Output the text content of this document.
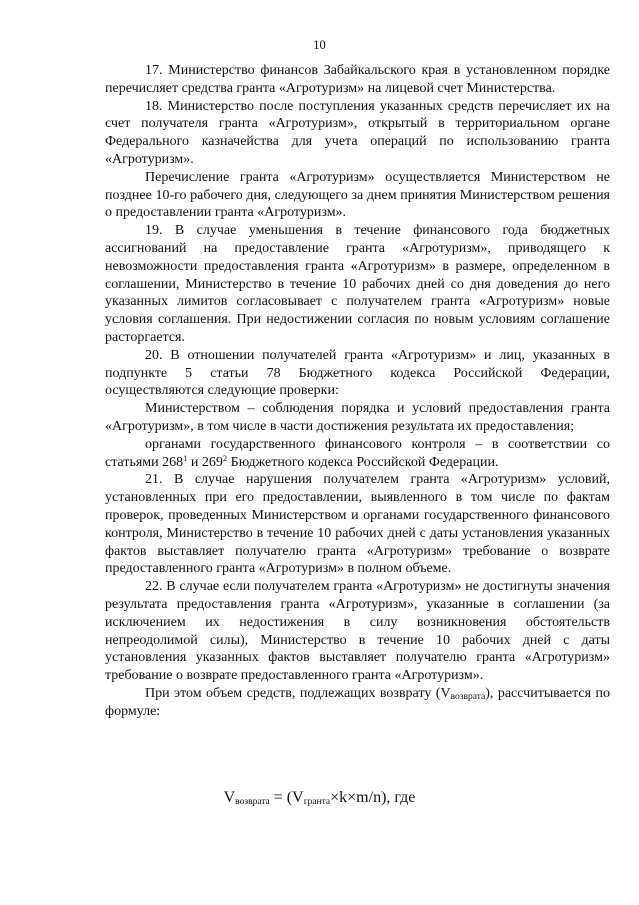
10

17. Министерство финансов Забайкальского края в установленном порядке перечисляет средства гранта «Агротуризм» на лицевой счет Министерства.

18. Министерство после поступления указанных средств перечисляет их на счет получателя гранта «Агротуризм», открытый в территориальном органе Федерального казначейства для учета операций по использованию гранта «Агротуризм».

Перечисление гранта «Агротуризм» осуществляется Министерством не позднее 10-го рабочего дня, следующего за днем принятия Министерством решения о предоставлении гранта «Агротуризм».

19. В случае уменьшения в течение финансового года бюджетных ассигнований на предоставление гранта «Агротуризм», приводящего к невозможности предоставления гранта «Агротуризм» в размере, определенном в соглашении, Министерство в течение 10 рабочих дней со дня доведения до него указанных лимитов согласовывает с получателем гранта «Агротуризм» новые условия соглашения. При недостижении согласия по новым условиям соглашение расторгается.

20. В отношении получателей гранта «Агротуризм» и лиц, указанных в подпункте 5 статьи 78 Бюджетного кодекса Российской Федерации, осуществляются следующие проверки:

Министерством – соблюдения порядка и условий предоставления гранта «Агротуризм», в том числе в части достижения результата их предоставления;

органами государственного финансового контроля – в соответствии со статьями $268^1$ и $269^2$ Бюджетного кодекса Российской Федерации.

21. В случае нарушения получателем гранта «Агротуризм» условий, установленных при его предоставлении, выявленного в том числе по фактам проверок, проведенных Министерством и органами государственного финансового контроля, Министерство в течение 10 рабочих дней с даты установления указанных фактов выставляет получателю гранта «Агротуризм» требование о возврате предоставленного гранта «Агротуризм» в полном объеме.

22. В случае если получателем гранта «Агротуризм» не достигнуты значения результата предоставления гранта «Агротуризм», указанные в соглашении (за исключением их недостижения в силу возникновения обстоятельств непреодолимой силы), Министерство в течение 10 рабочих дней с даты установления указанных фактов выставляет получателю гранта «Агротуризм» требование о возврате предоставленного гранта «Агротуризм».

При этом объем средств, подлежащих возврату $(V_{возврата})$, рассчитывается по формуле:

$V_{возврата} = (V_{гранта}\times k\times m/n)$, где
